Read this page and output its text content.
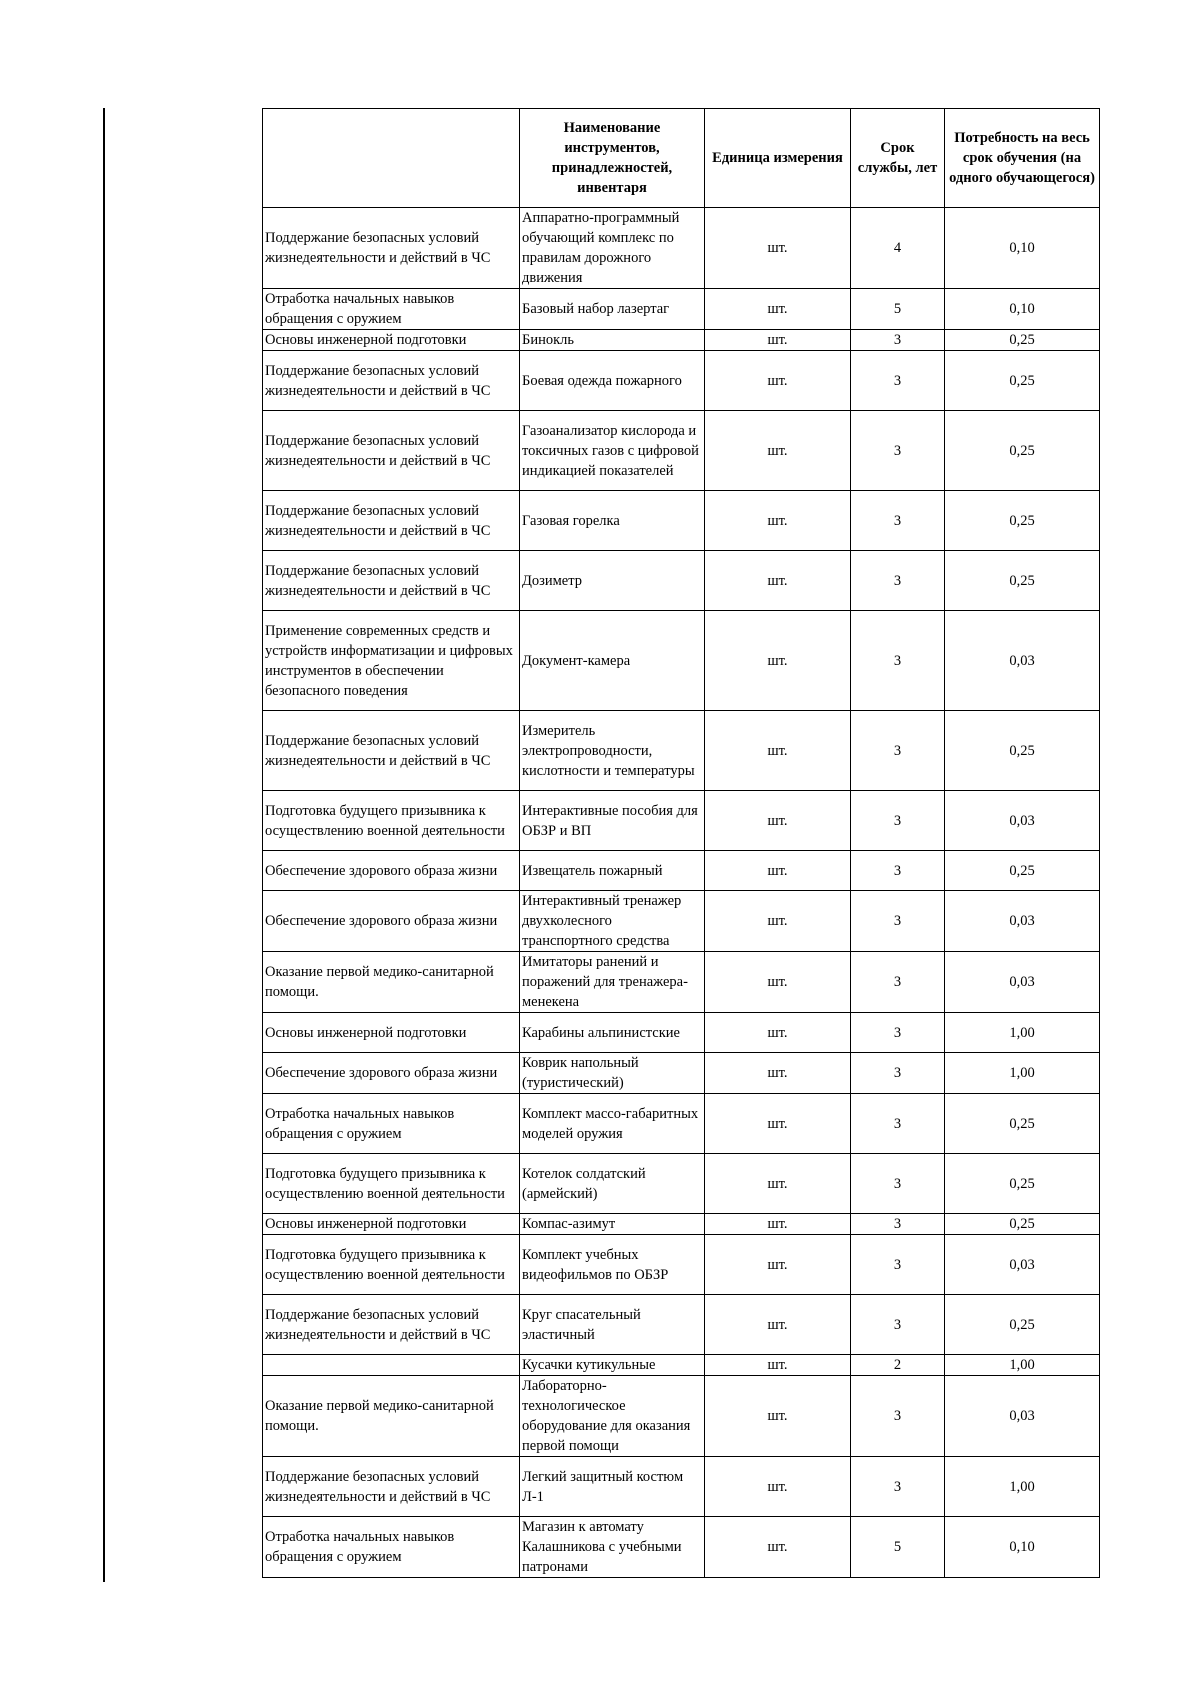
	Наименование инструментов, принадлежностей, инвентаря	Единица измерения	Срок службы, лет	Потребность на весь срок обучения (на одного обучающегося)
Поддержание безопасных условий жизнедеятельности и действий в ЧС	Аппаратно-программный обучающий комплекс по правилам дорожного движения	шт.	4	0,10
Отработка начальных навыков обращения с оружием	Базовый набор лазертаг	шт.	5	0,10
Основы инженерной подготовки	Бинокль	шт.	3	0,25
Поддержание безопасных условий жизнедеятельности и действий в ЧС	Боевая одежда пожарного	шт.	3	0,25
Поддержание безопасных условий жизнедеятельности и действий в ЧС	Газоанализатор кислорода и токсичных газов с цифровой индикацией показателей	шт.	3	0,25
Поддержание безопасных условий жизнедеятельности и действий в ЧС	Газовая горелка	шт.	3	0,25
Поддержание безопасных условий жизнедеятельности и действий в ЧС	Дозиметр	шт.	3	0,25
Применение современных средств и устройств информатизации и цифровых инструментов в обеспечении безопасного поведения	Документ-камера	шт.	3	0,03
Поддержание безопасных условий жизнедеятельности и действий в ЧС	Измеритель электропроводности, кислотности и температуры	шт.	3	0,25
Подготовка будущего призывника к осуществлению военной деятельности	Интерактивные пособия для ОБЗР и ВП	шт.	3	0,03
Обеспечение здорового образа жизни	Извещатель пожарный	шт.	3	0,25
Обеспечение здорового образа жизни	Интерактивный тренажер двухколесного транспортного средства	шт.	3	0,03
Оказание первой медико-санитарной помощи.	Имитаторы ранений и поражений для тренажера-менекена	шт.	3	0,03
Основы инженерной подготовки	Карабины альпинистские	шт.	3	1,00
Обеспечение здорового образа жизни	Коврик напольный (туристический)	шт.	3	1,00
Отработка начальных навыков обращения с оружием	Комплект массо-габаритных моделей оружия	шт.	3	0,25
Подготовка будущего призывника к осуществлению военной деятельности	Котелок солдатский (армейский)	шт.	3	0,25
Основы инженерной подготовки	Компас-азимут	шт.	3	0,25
Подготовка будущего призывника к осуществлению военной деятельности	Комплект учебных видеофильмов по ОБЗР	шт.	3	0,03
Поддержание безопасных условий жизнедеятельности и действий в ЧС	Круг спасательный эластичный	шт.	3	0,25
	Кусачки кутикульные	шт.	2	1,00
Оказание первой медико-санитарной помощи.	Лабораторно-технологическое оборудование для оказания первой помощи	шт.	3	0,03
Поддержание безопасных условий жизнедеятельности и действий в ЧС	Легкий защитный костюм Л-1	шт.	3	1,00
Отработка начальных навыков обращения с оружием	Магазин к автомату Калашникова с учебными патронами	шт.	5	0,10
